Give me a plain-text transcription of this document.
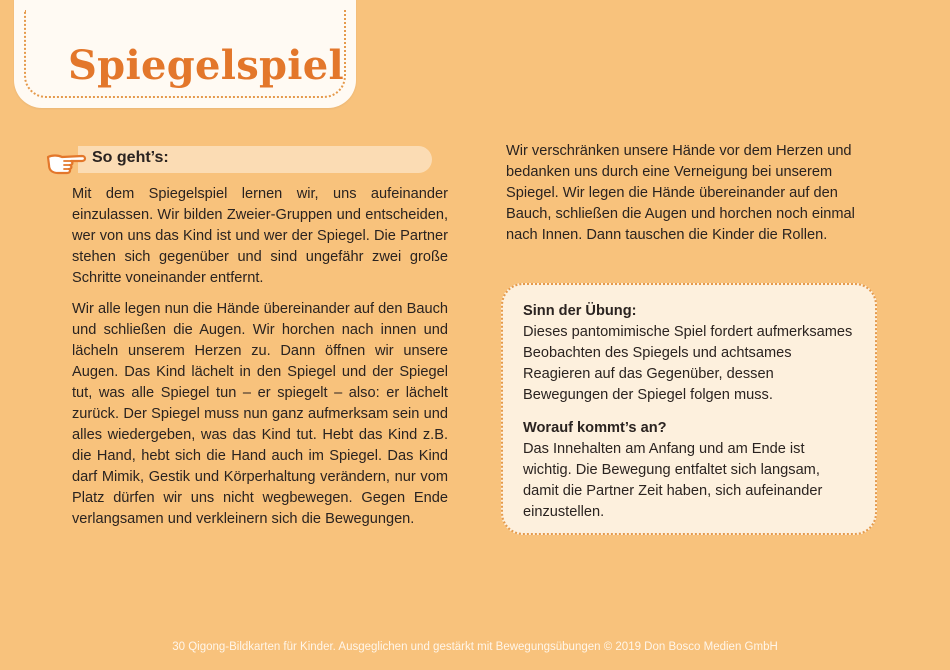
Spiegelspiel
So geht’s:

Mit dem Spiegelspiel lernen wir, uns aufeinander einzulassen. Wir bilden Zweier-Gruppen und entscheiden, wer von uns das Kind ist und wer der Spiegel. Die Partner stehen sich gegenüber und sind ungefähr zwei große Schritte voneinander entfernt.

Wir alle legen nun die Hände übereinander auf den Bauch und schließen die Augen. Wir horchen nach innen und lächeln unserem Herzen zu. Dann öffnen wir unsere Augen. Das Kind lächelt in den Spiegel und der Spiegel tut, was alle Spiegel tun – er spiegelt – also: er lächelt zurück. Der Spiegel muss nun ganz aufmerksam sein und alles wiedergeben, was das Kind tut. Hebt das Kind z.B. die Hand, hebt sich die Hand auch im Spiegel. Das Kind darf Mimik, Gestik und Körperhaltung verändern, nur vom Platz dürfen wir uns nicht wegbewegen. Gegen Ende verlangsamen und verkleinern sich die Bewegungen.

Wir verschränken unsere Hände vor dem Herzen und bedanken uns durch eine Verneigung bei unserem Spiegel. Wir legen die Hände übereinander auf den Bauch, schließen die Augen und horchen noch einmal nach Innen. Dann tauschen die Kinder die Rollen.

Sinn der Übung:
Dieses pantomimische Spiel fordert aufmerksames Beobachten des Spiegels und achtsames Reagieren auf das Gegenüber, dessen Bewegungen der Spiegel folgen muss.

Worauf kommt’s an?
Das Innehalten am Anfang und am Ende ist wichtig. Die Bewegung entfaltet sich langsam, damit die Partner Zeit haben, sich aufeinander einzustellen.

30 Qigong-Bildkarten für Kinder. Ausgeglichen und gestärkt mit Bewegungsübungen © 2019 Don Bosco Medien GmbH
